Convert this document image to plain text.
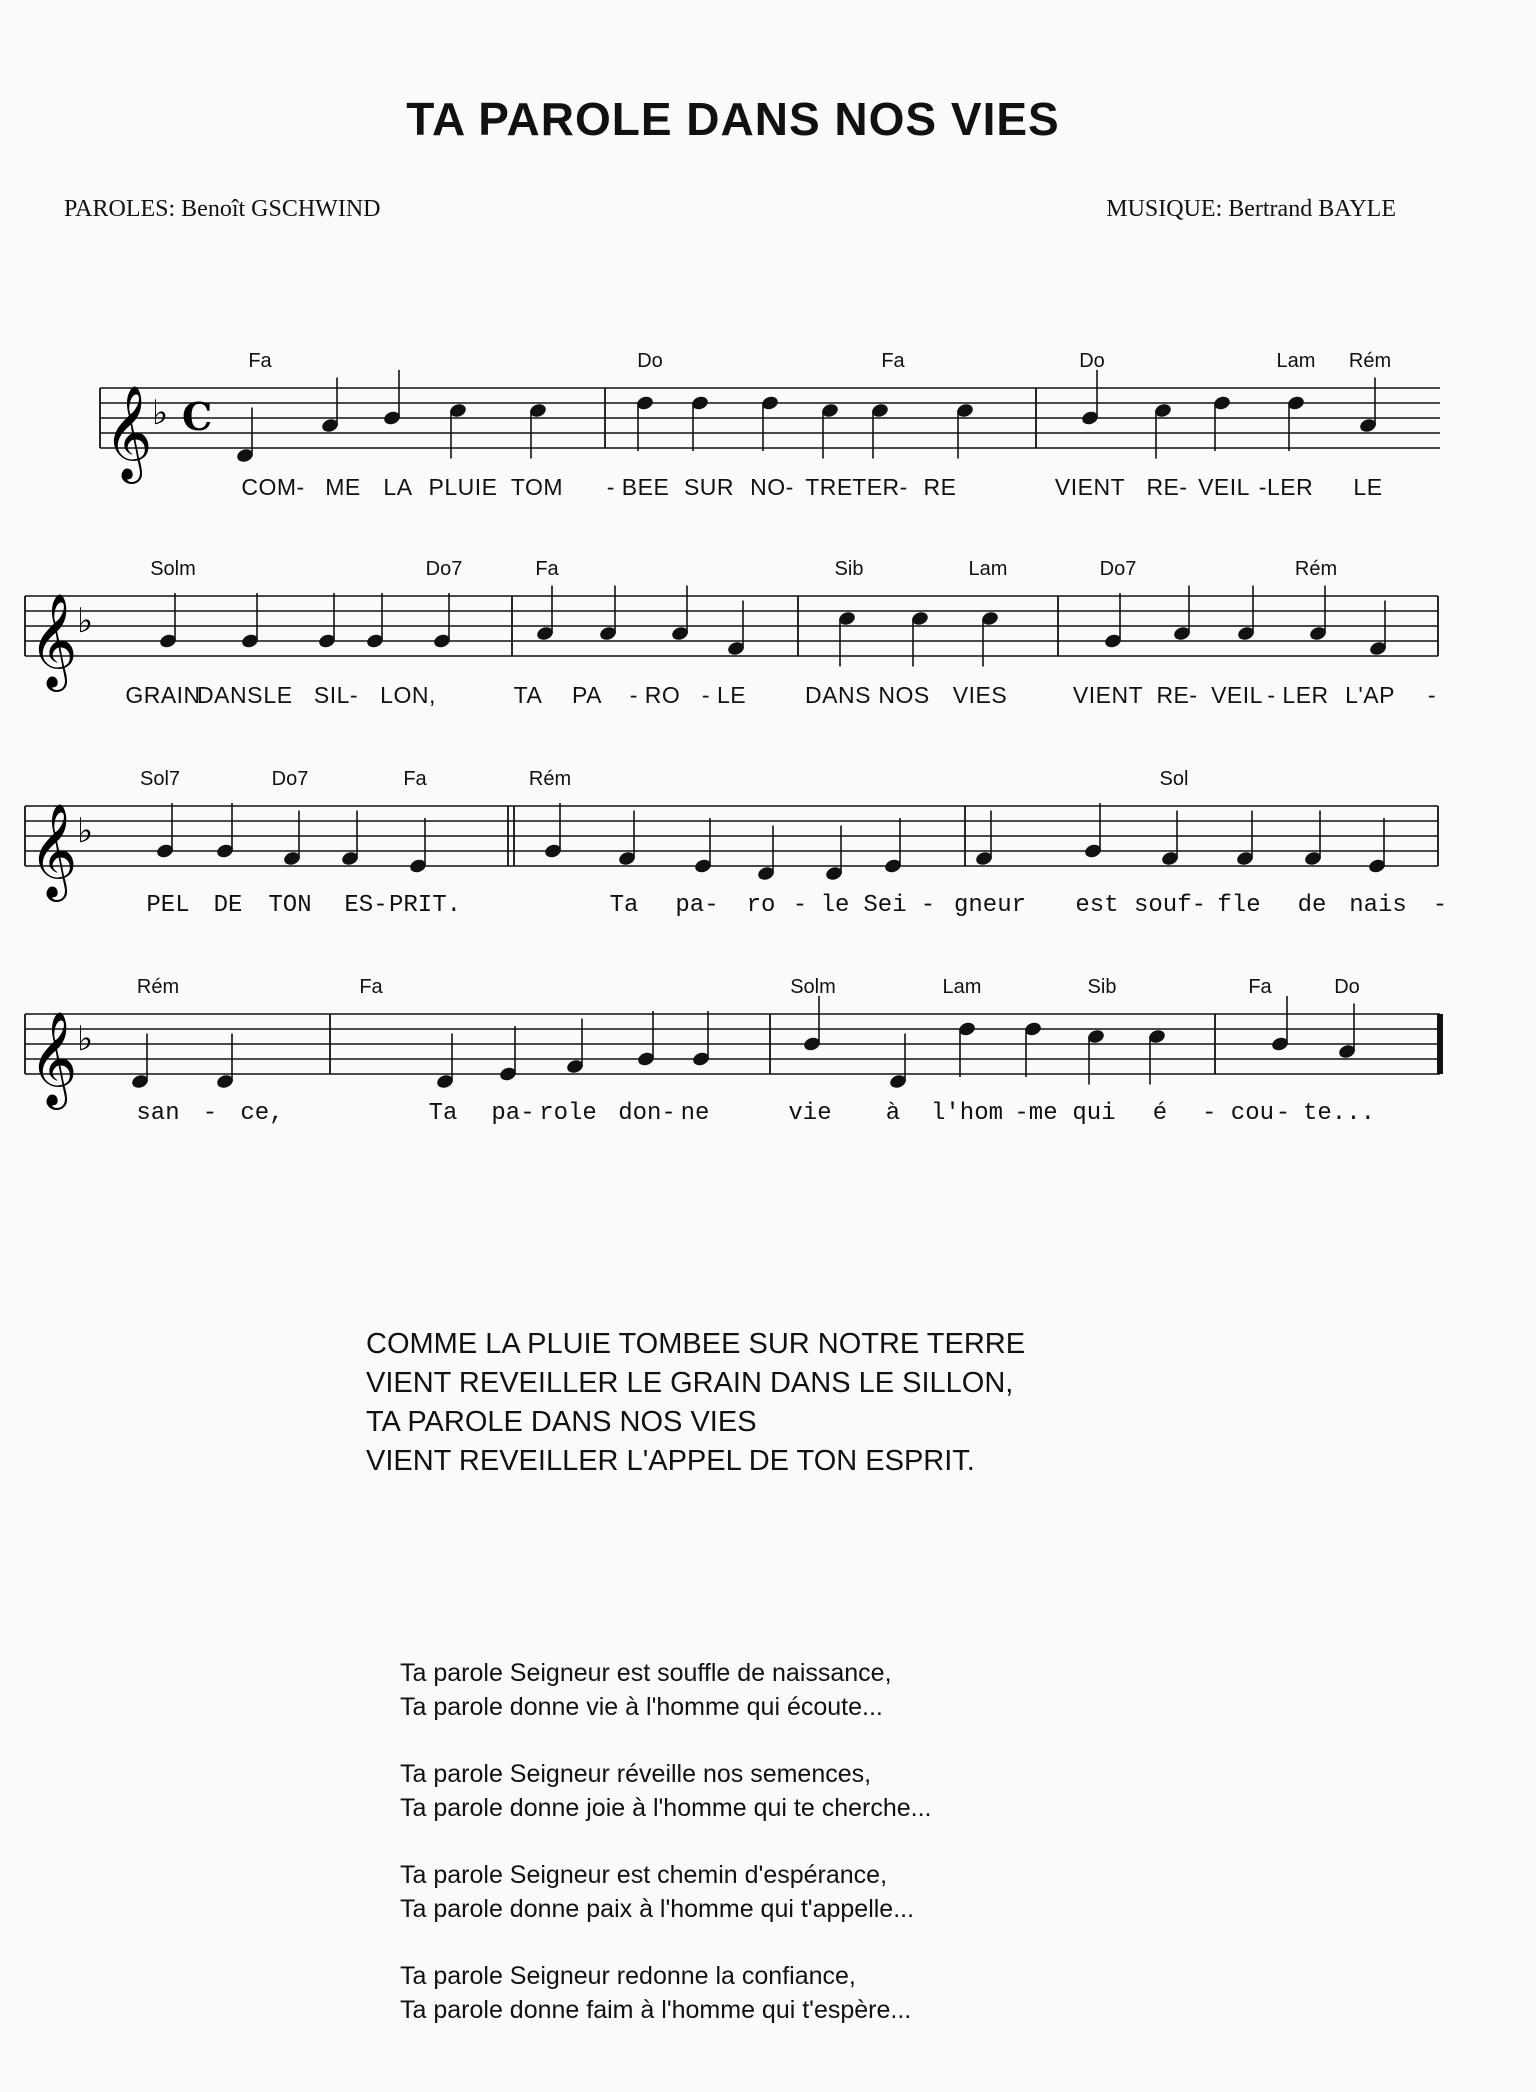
TA PAROLE DANS NOS VIES
PAROLES: Benoît GSCHWIND	MUSIQUE: Bertrand BAYLE
𝄞 ♭ C
Fa	Do	Fa	Do	Lam Rém
COM- ME LA PLUIE TOM - BEE SUR NO- TRE TER- RE	VIENT RE- VEIL -LER LE
𝄞 ♭
Solm	Do7	Fa	Sib	Lam	Do7	Rém
GRAIN
DANS LE SIL- LON,	TA PA - RO - LE	DANS NOS VIES	VIENT RE- VEIL - LER L'AP -
𝄞 ♭
Sol7	Do7	Fa	Rém	Sol
PEL DE TON ES- PRIT.	Ta pa- ro - le Sei - gneur est souf- fle de nais -
𝄞 ♭
Rém	Fa	Solm	Lam	Sib	Fa	Do
san - ce,	Ta pa- role don- ne	vie à l'hom -me qui é - cou - te...
COMME LA PLUIE TOMBEE SUR NOTRE TERRE
VIENT REVEILLER LE GRAIN DANS LE SILLON,
TA PAROLE DANS NOS VIES
VIENT REVEILLER L'APPEL DE TON ESPRIT.
Ta parole Seigneur est souffle de naissance,
Ta parole donne vie à l'homme qui écoute...
Ta parole Seigneur réveille nos semences,
Ta parole donne joie à l'homme qui te cherche...
Ta parole Seigneur est chemin d'espérance,
Ta parole donne paix à l'homme qui t'appelle...
Ta parole Seigneur redonne la confiance,
Ta parole donne faim à l'homme qui t'espère...
